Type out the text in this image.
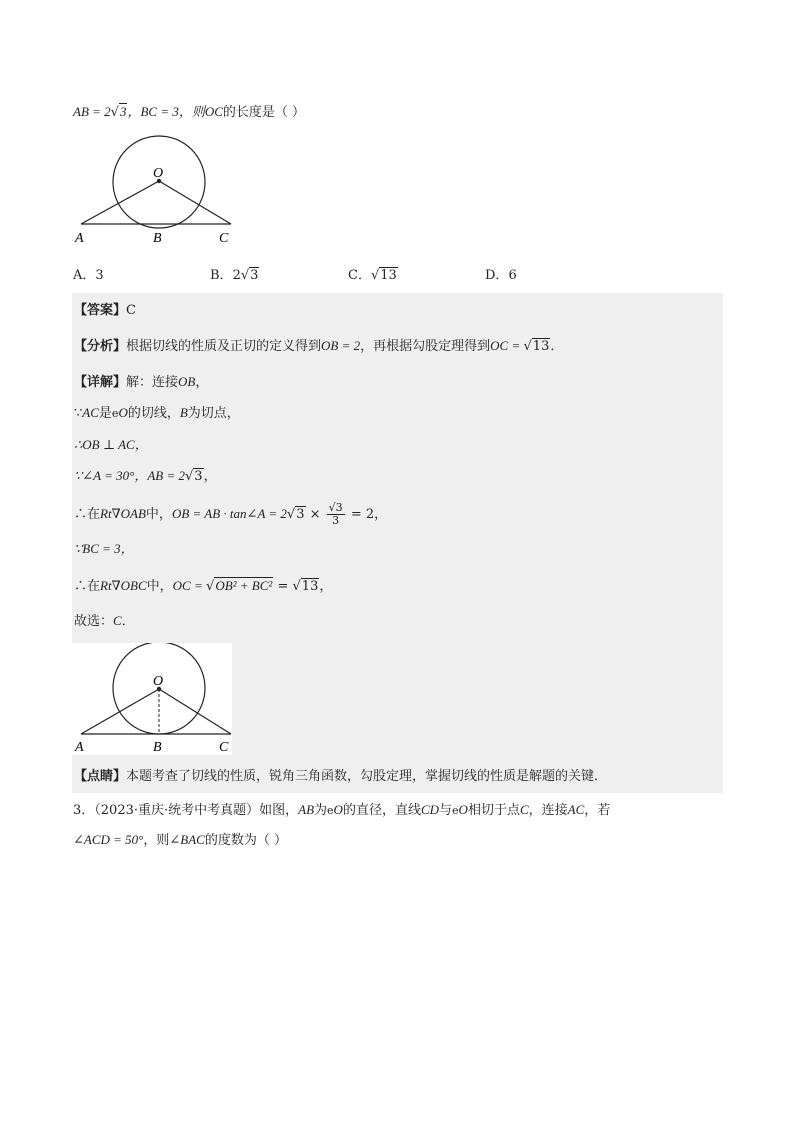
AB = 2√3，BC = 3，则OC的长度是（ ）
O
A	B	C
A．3	B．2√3	C．√13	D．6
【答案】C
【分析】根据切线的性质及正切的定义得到OB = 2，再根据勾股定理得到OC = √13．
【详解】解：连接OB，
∵AC是eO的切线，B为切点，
∴OB ⊥ AC，
∵∠A = 30°，AB = 2√3，
∴在Rt∇OAB中，OB = AB · tan∠A = $2√3 \times \frac{√3}{3} = 2$，
∵BC = 3，
∴在Rt∇OBC中，OC = √OB² + BC² = √13，
故选：C．
O
A	B	C
【点睛】本题考查了切线的性质，锐角三角函数，勾股定理，掌握切线的性质是解题的关键．
3．（2023·重庆·统考中考真题）如图，AB为eO的直径，直线CD与eO相切于点C，连接AC，若
∠ACD = 50°，则∠BAC的度数为（ ）
